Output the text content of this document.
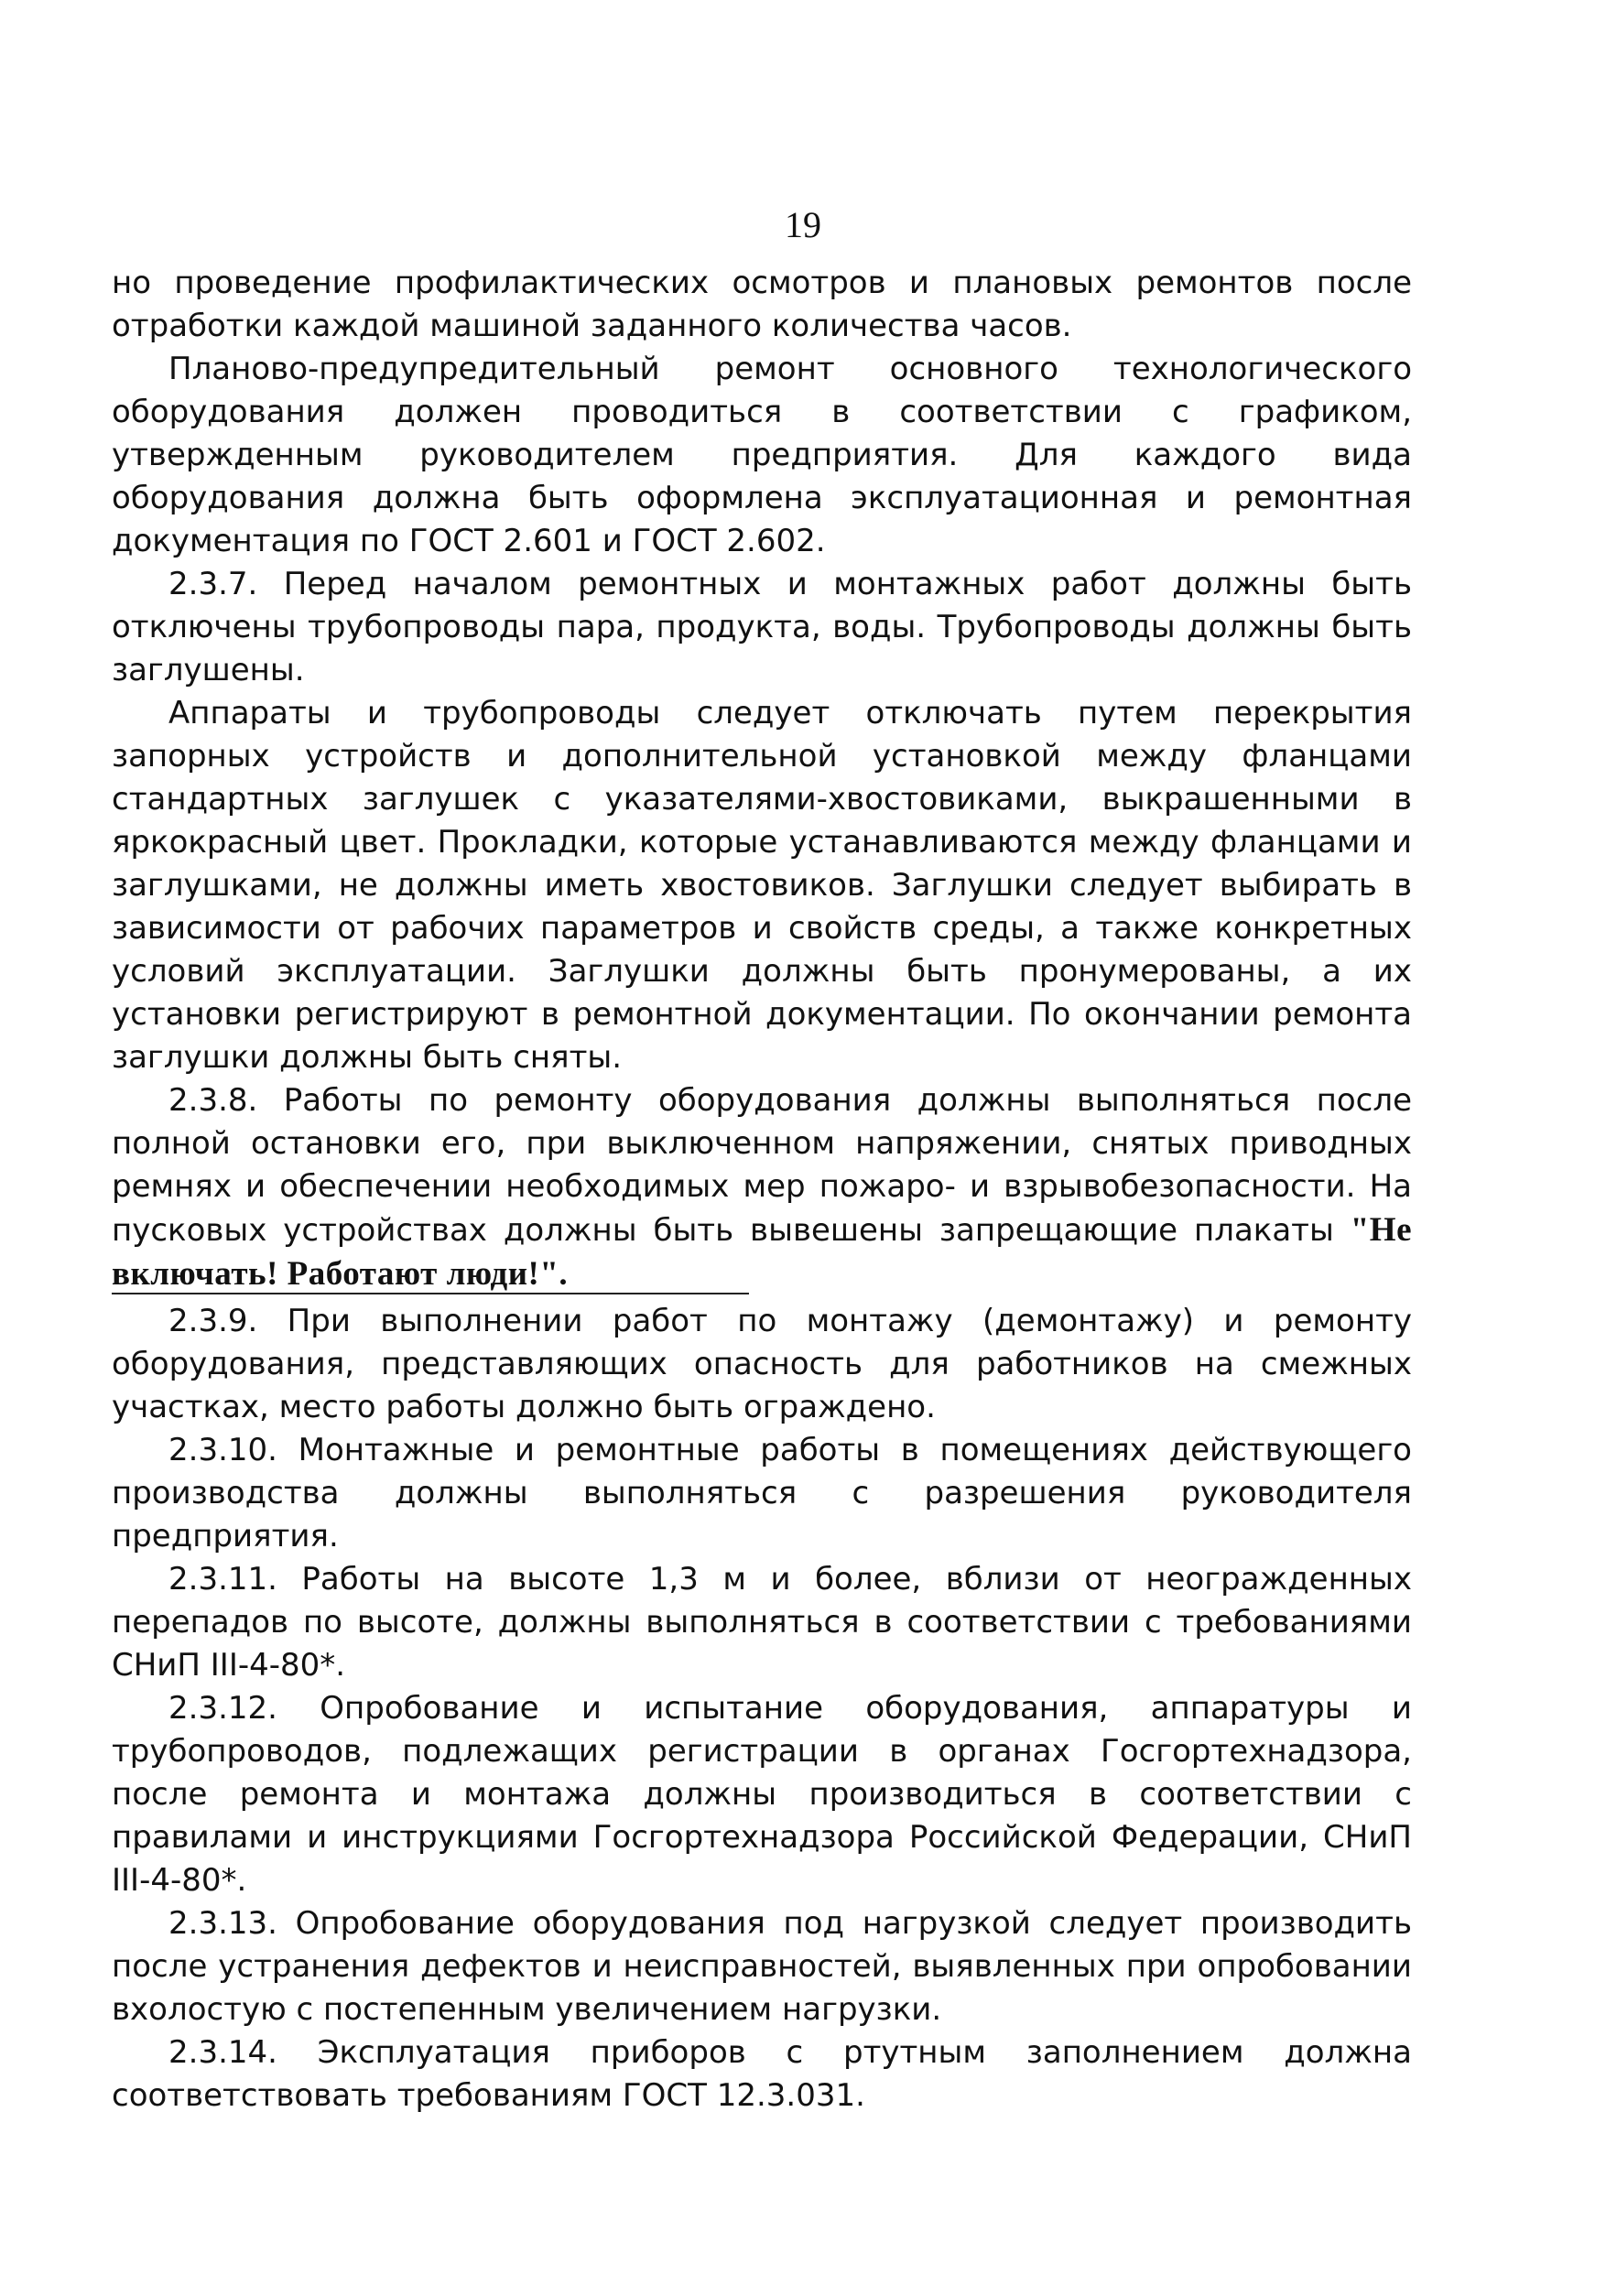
19

но проведение профилактических осмотров и плановых ремонтов после отработки каждой машиной заданного количества часов.

Планово-предупредительный ремонт основного технологического оборудования должен проводиться в соответствии с графиком, утвержденным руководителем предприятия. Для каждого вида оборудования должна быть оформлена эксплуатационная и ремонтная документация по ГОСТ 2.601 и ГОСТ 2.602.

2.3.7. Перед началом ремонтных и монтажных работ должны быть отключены трубопроводы пара, продукта, воды. Трубопроводы должны быть заглушены.

Аппараты и трубопроводы следует отключать путем перекрытия запорных устройств и дополнительной установкой между фланцами стандартных заглушек с указателями-хвостовиками, выкрашенными в яркокрасный цвет. Прокладки, которые устанавливаются между фланцами и заглушками, не должны иметь хвостовиков. Заглушки следует выбирать в зависимости от рабочих параметров и свойств среды, а также конкретных условий эксплуатации. Заглушки должны быть пронумерованы, а их установки регистрируют в ремонтной документации. По окончании ремонта заглушки должны быть сняты.

2.3.8. Работы по ремонту оборудования должны выполняться после полной остановки его, при выключенном напряжении, снятых приводных ремнях и обеспечении необходимых мер пожаро- и взрывобезопасности. На пусковых устройствах должны быть вывешены запрещающие плакаты "Не включать! Работают люди!".

2.3.9. При выполнении работ по монтажу (демонтажу) и ремонту оборудования, представляющих опасность для работников на смежных участках, место работы должно быть ограждено.

2.3.10. Монтажные и ремонтные работы в помещениях действующего производства должны выполняться с разрешения руководителя предприятия.

2.3.11. Работы на высоте 1,3 м и более, вблизи от неогражденных перепадов по высоте, должны выполняться в соответствии с требованиями СНиП III-4-80*.

2.3.12. Опробование и испытание оборудования, аппаратуры и трубопроводов, подлежащих регистрации в органах Госгортехнадзора, после ремонта и монтажа должны производиться в соответствии с правилами и инструкциями Госгортехнадзора Российской Федерации, СНиП III-4-80*.

2.3.13. Опробование оборудования под нагрузкой следует производить после устранения дефектов и неисправностей, выявленных при опробовании вхолостую с постепенным увеличением нагрузки.

2.3.14. Эксплуатация приборов с ртутным заполнением должна соответствовать требованиям ГОСТ 12.3.031.
